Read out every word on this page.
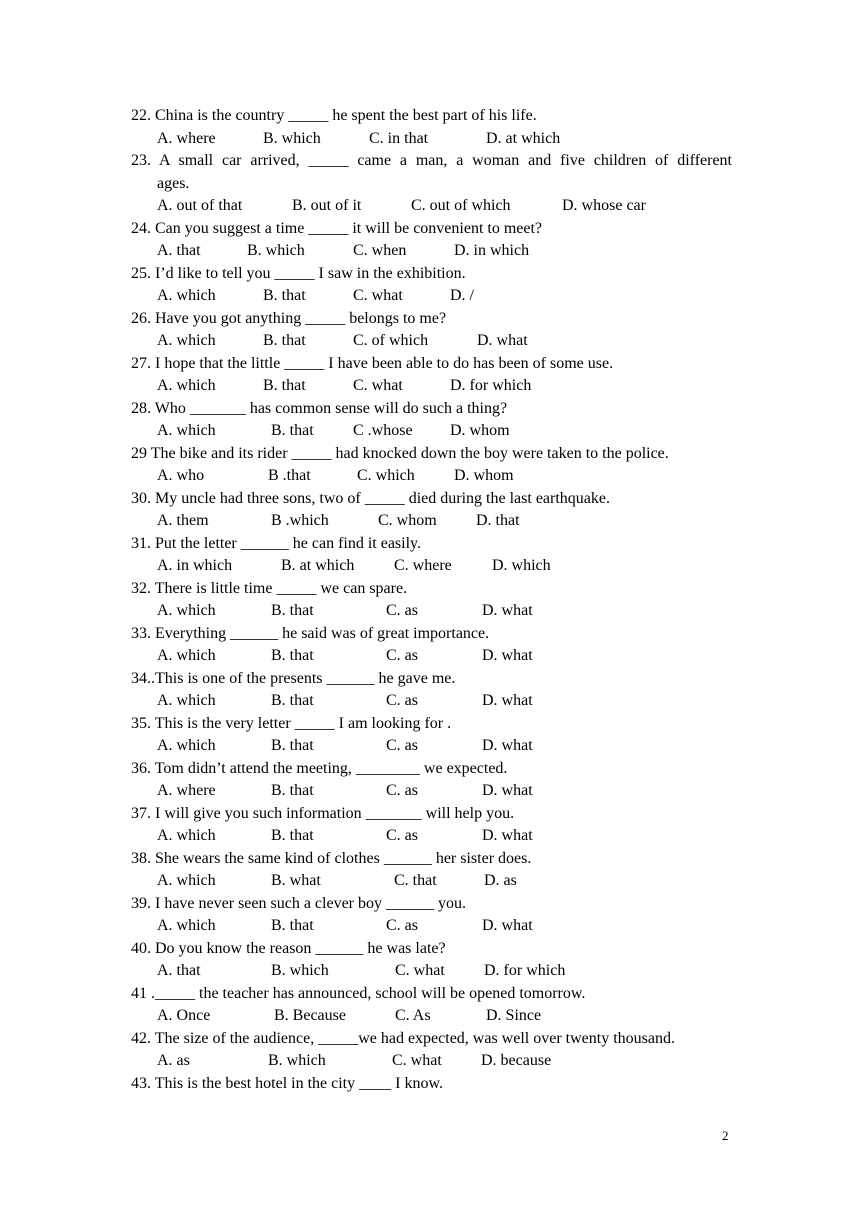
22. China is the country _____ he spent the best part of his life.
A. where	B. which	C. in that	D. at which
23. A small car arrived, _____ came a man, a woman and five children of different
ages.
A. out of that	B. out of it	C. out of which	D. whose car
24. Can you suggest a time _____ it will be convenient to meet?
A. that	B. which	C. when	D. in which
25. I’d like to tell you _____ I saw in the exhibition.
A. which	B. that	C. what	D. /
26. Have you got anything _____ belongs to me?
A. which	B. that	C. of which	D. what
27. I hope that the little _____ I have been able to do has been of some use.
A. which	B. that	C. what	D. for which
28. Who _______ has common sense will do such a thing?
A. which	B. that C .whose D. whom
29 The bike and its rider _____ had knocked down the boy were taken to the police.
A. who	B .that	C. which D. whom
30. My uncle had three sons, two of _____ died during the last earthquake.
A. them	B .which	C. whom D. that
31. Put the letter ______ he can find it easily.
A. in which	B. at which C. where	D. which
32. There is little time _____ we can spare.
A. which	B. that	C. as	D. what
33. Everything ______ he said was of great importance.
A. which	B. that	C. as	D. what
34..This is one of the presents ______ he gave me.
A. which	B. that	C. as	D. what
35. This is the very letter _____ I am looking for .
A. which	B. that	C. as	D. what
36. Tom didn’t attend the meeting, ________ we expected.
A. where	B. that	C. as	D. what
37. I will give you such information _______ will help you.
A. which	B. that	C. as	D. what
38. She wears the same kind of clothes ______ her sister does.
A. which	B. what	C. that	D. as
39. I have never seen such a clever boy ______ you.
A. which	B. that	C. as	D. what
40. Do you know the reason ______ he was late?
A. that	B. which	C. what D. for which
41 ._____ the teacher has announced, school will be opened tomorrow.
A. Once	B. Because	C. As	D. Since
42. The size of the audience, _____we had expected, was well over twenty thousand.
A. as	B. which	C. what D. because
43. This is the best hotel in the city ____ I know.
2
